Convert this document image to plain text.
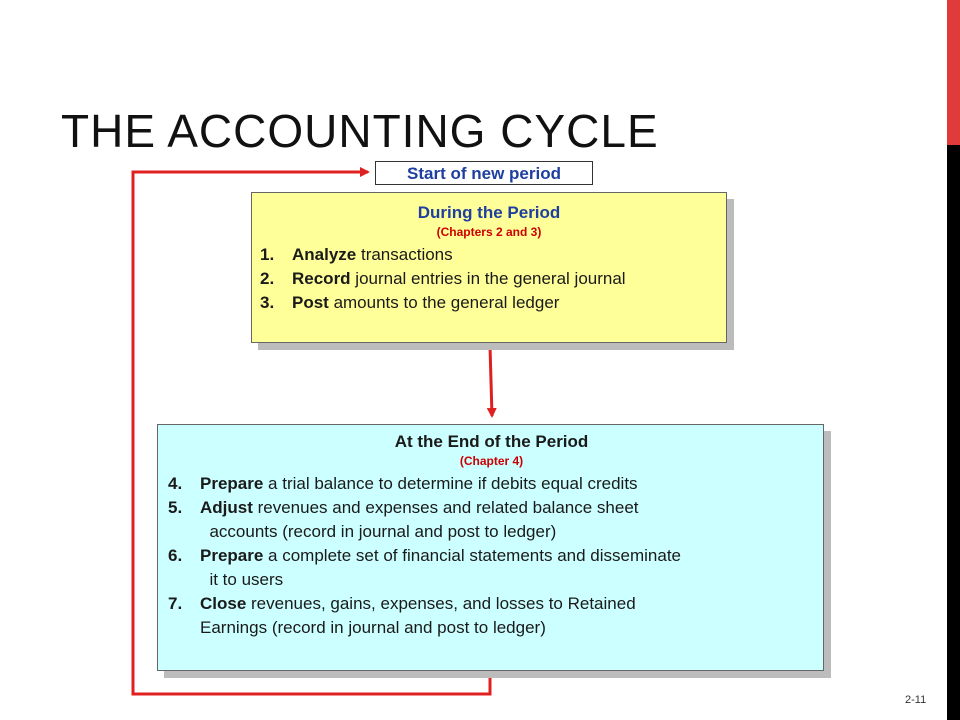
THE ACCOUNTING CYCLE
Start of new period
During the Period
(Chapters 2 and 3)
1.	Analyze transactions
2.	Record journal entries in the general journal
3.	Post amounts to the general ledger
At the End of the Period
(Chapter 4)
4.	Prepare a trial balance to determine if debits equal credits
5.	Adjust revenues and expenses and related balance sheet
accounts (record in journal and post to ledger)
6.	Prepare a complete set of financial statements and disseminate
it to users
7.	Close revenues, gains, expenses, and losses to Retained
Earnings (record in journal and post to ledger)
2-11
